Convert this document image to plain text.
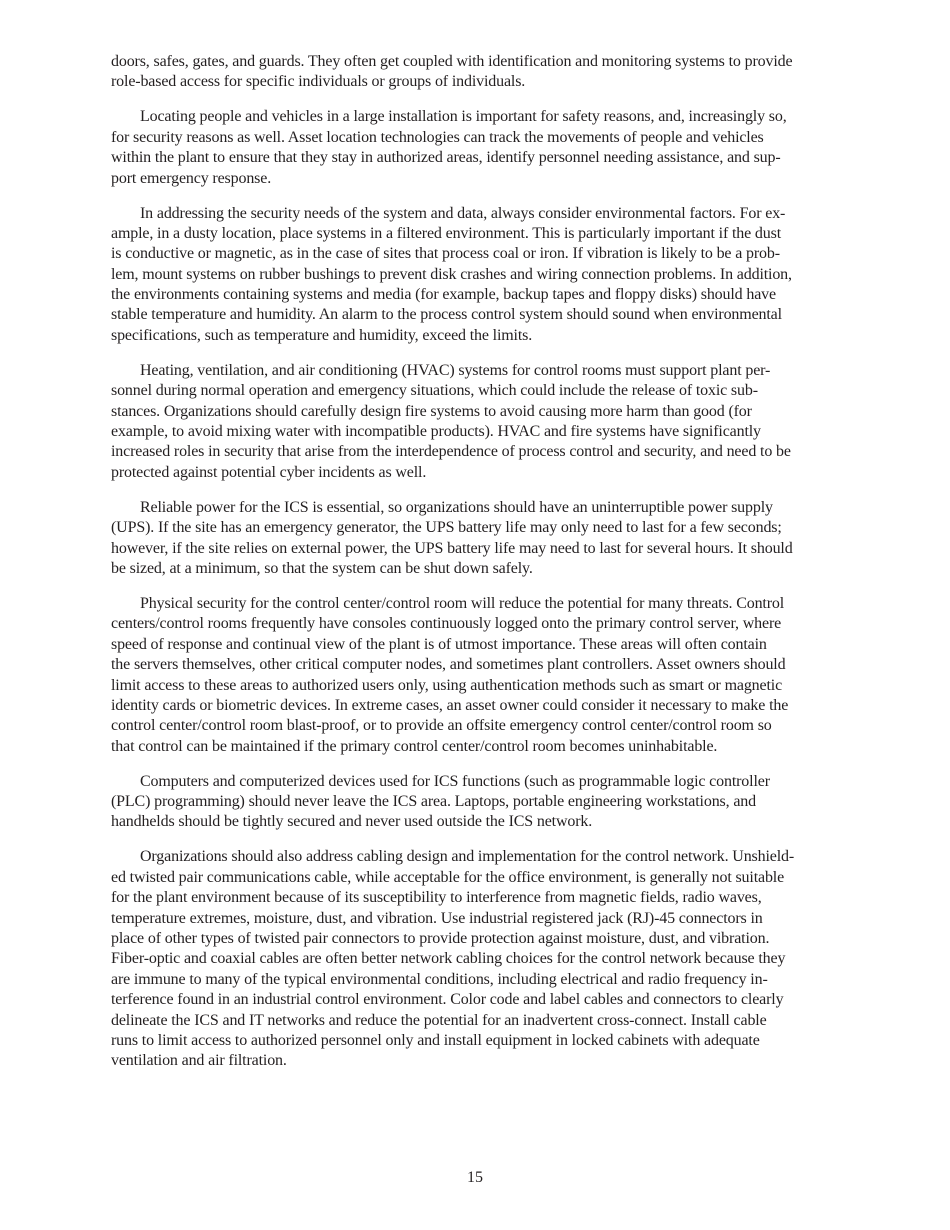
doors, safes, gates, and guards. They often get coupled with identification and monitoring systems to provide
role-based access for specific individuals or groups of individuals.

Locating people and vehicles in a large installation is important for safety reasons, and, increasingly so,
for security reasons as well. Asset location technologies can track the movements of people and vehicles
within the plant to ensure that they stay in authorized areas, identify personnel needing assistance, and sup-
port emergency response.

In addressing the security needs of the system and data, always consider environmental factors. For ex-
ample, in a dusty location, place systems in a filtered environment. This is particularly important if the dust
is conductive or magnetic, as in the case of sites that process coal or iron. If vibration is likely to be a prob-
lem, mount systems on rubber bushings to prevent disk crashes and wiring connection problems. In addition,
the environments containing systems and media (for example, backup tapes and floppy disks) should have
stable temperature and humidity. An alarm to the process control system should sound when environmental
specifications, such as temperature and humidity, exceed the limits.

Heating, ventilation, and air conditioning (HVAC) systems for control rooms must support plant per-
sonnel during normal operation and emergency situations, which could include the release of toxic sub-
stances. Organizations should carefully design fire systems to avoid causing more harm than good (for
example, to avoid mixing water with incompatible products). HVAC and fire systems have significantly
increased roles in security that arise from the interdependence of process control and security, and need to be
protected against potential cyber incidents as well.

Reliable power for the ICS is essential, so organizations should have an uninterruptible power supply
(UPS). If the site has an emergency generator, the UPS battery life may only need to last for a few seconds;
however, if the site relies on external power, the UPS battery life may need to last for several hours. It should
be sized, at a minimum, so that the system can be shut down safely.

Physical security for the control center/control room will reduce the potential for many threats. Control
centers/control rooms frequently have consoles continuously logged onto the primary control server, where
speed of response and continual view of the plant is of utmost importance. These areas will often contain
the servers themselves, other critical computer nodes, and sometimes plant controllers. Asset owners should
limit access to these areas to authorized users only, using authentication methods such as smart or magnetic
identity cards or biometric devices. In extreme cases, an asset owner could consider it necessary to make the
control center/control room blast-proof, or to provide an offsite emergency control center/control room so
that control can be maintained if the primary control center/control room becomes uninhabitable.

Computers and computerized devices used for ICS functions (such as programmable logic controller
(PLC) programming) should never leave the ICS area. Laptops, portable engineering workstations, and
handhelds should be tightly secured and never used outside the ICS network.

Organizations should also address cabling design and implementation for the control network. Unshield-
ed twisted pair communications cable, while acceptable for the office environment, is generally not suitable
for the plant environment because of its susceptibility to interference from magnetic fields, radio waves,
temperature extremes, moisture, dust, and vibration. Use industrial registered jack (RJ)-45 connectors in
place of other types of twisted pair connectors to provide protection against moisture, dust, and vibration.
Fiber-optic and coaxial cables are often better network cabling choices for the control network because they
are immune to many of the typical environmental conditions, including electrical and radio frequency in-
terference found in an industrial control environment. Color code and label cables and connectors to clearly
delineate the ICS and IT networks and reduce the potential for an inadvertent cross-connect. Install cable
runs to limit access to authorized personnel only and install equipment in locked cabinets with adequate
ventilation and air filtration.

15
